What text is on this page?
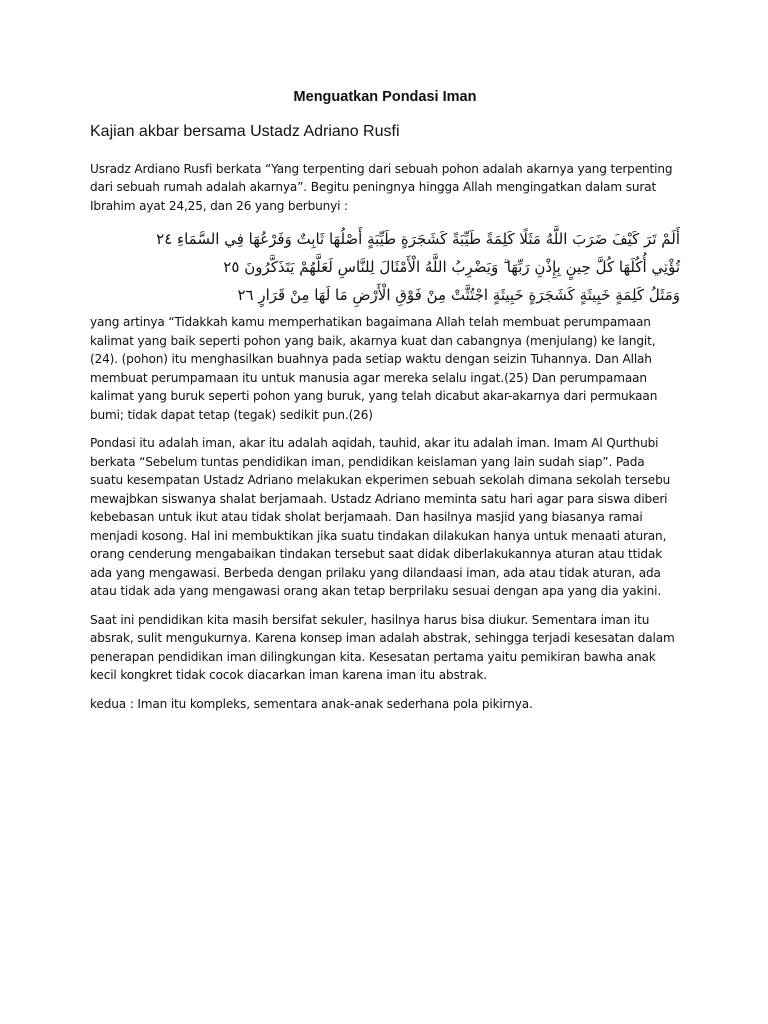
Menguatkan Pondasi Iman
Kajian akbar bersama Ustadz Adriano Rusfi

Usradz Ardiano Rusfi berkata “Yang terpenting dari sebuah pohon adalah akarnya yang terpenting dari sebuah rumah adalah akarnya”. Begitu peningnya hingga Allah mengingatkan dalam surat Ibrahim ayat 24,25, dan 26 yang berbunyi :

أَلَمْ تَرَ كَيْفَ ضَرَبَ اللَّهُ مَثَلًا كَلِمَةً طَيِّبَةً كَشَجَرَةٍ طَيِّبَةٍ أَصْلُهَا ثَابِتٌ وَفَرْعُهَا فِي السَّمَاءِ ٢٤
تُؤْتِي أُكُلَهَا كُلَّ حِينٍ بِإِذْنِ رَبِّهَا ۗ وَيَضْرِبُ اللَّهُ الْأَمْثَالَ لِلنَّاسِ لَعَلَّهُمْ يَتَذَكَّرُونَ ٢٥
وَمَثَلُ كَلِمَةٍ خَبِيثَةٍ كَشَجَرَةٍ خَبِيثَةٍ اجْتُثَّتْ مِنْ فَوْقِ الْأَرْضِ مَا لَهَا مِنْ قَرَارٍ ٢٦

yang artinya “Tidakkah kamu memperhatikan bagaimana Allah telah membuat perumpamaan kalimat yang baik seperti pohon yang baik, akarnya kuat dan cabangnya (menjulang) ke langit,(24). (pohon) itu menghasilkan buahnya pada setiap waktu dengan seizin Tuhannya. Dan Allah membuat perumpamaan itu untuk manusia agar mereka selalu ingat.(25) Dan perumpamaan kalimat yang buruk seperti pohon yang buruk, yang telah dicabut akar-akarnya dari permukaan bumi; tidak dapat tetap (tegak) sedikit pun.(26)

Pondasi itu adalah iman, akar itu adalah aqidah, tauhid, akar itu adalah iman. Imam Al Qurthubi berkata “Sebelum tuntas pendidikan iman, pendidikan keislaman yang lain sudah siap”. Pada suatu kesempatan Ustadz Adriano melakukan ekperimen sebuah sekolah dimana sekolah tersebu mewajbkan siswanya shalat berjamaah. Ustadz Adriano meminta satu hari agar para siswa diberi kebebasan untuk ikut atau tidak sholat berjamaah. Dan hasilnya masjid yang biasanya ramai menjadi kosong. Hal ini membuktikan jika suatu tindakan dilakukan hanya untuk menaati aturan, orang cenderung mengabaikan tindakan tersebut saat didak diberlakukannya aturan atau ttidak ada yang mengawasi. Berbeda dengan prilaku yang dilandaasi iman, ada atau tidak aturan, ada atau tidak ada yang mengawasi orang akan tetap berprilaku sesuai dengan apa yang dia yakini.

Saat ini pendidikan kita masih bersifat sekuler, hasilnya harus bisa diukur. Sementara iman itu absrak, sulit mengukurnya. Karena konsep iman adalah abstrak, sehingga terjadi kesesatan dalam penerapan pendidikan iman dilingkungan kita. Kesesatan pertama yaitu pemikiran bawha anak kecil kongkret tidak cocok diacarkan iman karena iman itu abstrak.

kedua : Iman itu kompleks, sementara anak-anak sederhana pola pikirnya.
